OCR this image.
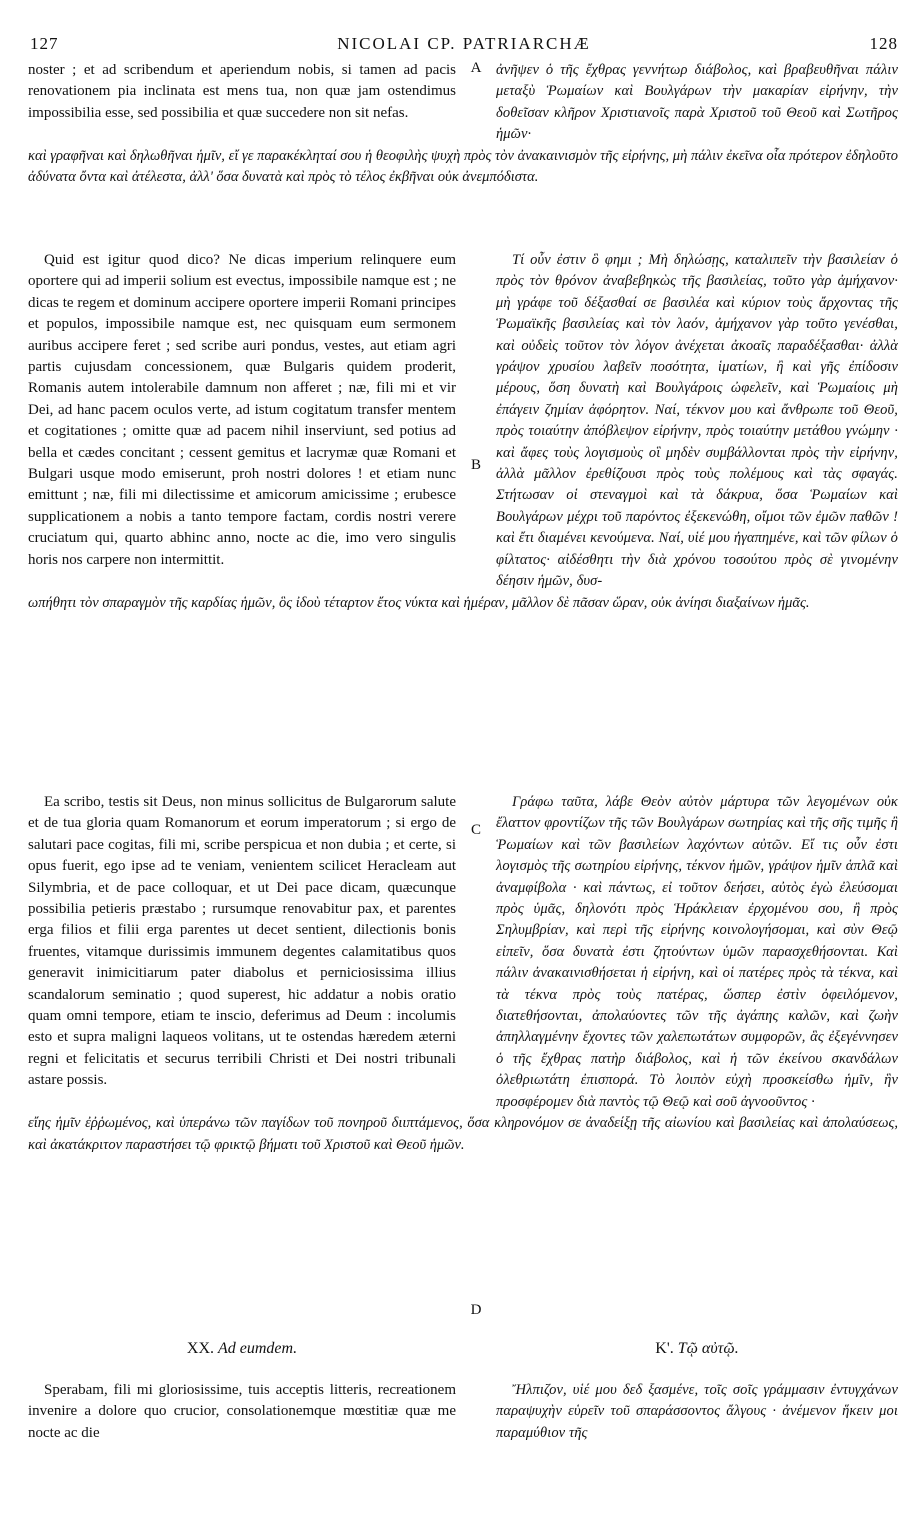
127	NICOLAI CP. PATRIARCHÆ	128

noster ; et ad scribendum et aperiendum nobis, si tamen ad pacis renovationem pia inclinata est mens tua, non quæ jam ostendimus impossibilia esse, sed possibilia et quæ succedere non sit nefas.

A	ἀνῆψεν ὁ τῆς ἔχθρας γεννήτωρ διάβολος, καὶ βραβευθῆναι πάλιν μεταξὺ Ῥωμαίων καὶ Βουλγάρων τὴν μακαρίαν εἰρήνην, τὴν δοθεῖσαν κλῆρον Χριστιανοῖς παρὰ Χριστοῦ τοῦ Θεοῦ καὶ Σωτῆρος ἡμῶν·

καὶ γραφῆναι καὶ δηλωθῆναι ἡμῖν, εἴ γε παρακέκληταί σου ἡ θεοφιλὴς ψυχὴ πρὸς τὸν ἀνακαινισμὸν τῆς εἰρήνης, μὴ πάλιν ἐκεῖνα οἷα πρότερον ἐδηλοῦτο ἀδύνατα ὄντα καὶ ἀτέλεστα, ἀλλ' ὅσα δυνατὰ καὶ πρὸς τὸ τέλος ἐκβῆναι οὐκ ἀνεμπόδιστα.

Quid est igitur quod dico? Ne dicas imperium relinquere eum oportere qui ad imperii solium est evectus, impossibile namque est ; ne dicas te regem et dominum accipere oportere imperii Romani principes et populos, impossibile namque est, nec quisquam eum sermonem auribus accipere feret ; sed scribe auri pondus, vestes, aut etiam agri partis cujusdam concessionem, quæ Bulgaris quidem proderit, Romanis autem intolerabile damnum non afferet ; næ, fili mi et vir Dei, ad hanc pacem oculos verte, ad istum cogitatum transfer mentem et cogitationes ; omitte quæ ad pacem nihil inserviunt, sed potius ad bella et cædes concitant ; cessent gemitus et lacrymæ quæ Romani et Bulgari usque modo emiserunt, proh nostri dolores ! et etiam nunc emittunt ; næ, fili mi dilectissime et amicorum amicissime ; erubesce supplicationem a nobis a tanto tempore factam, cordis nostri verere cruciatum qui, quarto abhinc anno, nocte ac die, imo vero singulis horis nos carpere non intermittit.

B

Τί οὖν ἐστιν ὃ φημι ; Μὴ δηλώσῃς, καταλιπεῖν τὴν βασιλείαν ὁ πρὸς τὸν θρόνον ἀναβεβηκὼς τῆς βασιλείας, τοῦτο γὰρ ἀμήχανον· μὴ γράφε τοῦ δέξασθαί σε βασιλέα καὶ κύριον τοὺς ἄρχοντας τῆς Ῥωμαϊκῆς βασιλείας καὶ τὸν λαόν, ἀμήχανον γὰρ τοῦτο γενέσθαι, καὶ οὐδεὶς τοῦτον τὸν λόγον ἀνέχεται ἀκοαῖς παραδέξασθαι· ἀλλὰ γράψον χρυσίου λαβεῖν ποσότητα, ἱματίων, ἢ καὶ γῆς ἐπίδοσιν μέρους, ὅση δυνατὴ καὶ Βουλγάροις ὠφελεῖν, καὶ Ῥωμαίοις μὴ ἐπάγειν ζημίαν ἀφόρητον. Ναί, τέκνον μου καὶ ἄνθρωπε τοῦ Θεοῦ, πρὸς τοιαύτην ἀπόβλεψον εἰρήνην, πρὸς τοιαύτην μετάθου γνώμην · καὶ ἄφες τοὺς λογισμοὺς οἳ μηδὲν συμβάλλονται πρὸς τὴν εἰρήνην, ἀλλὰ μᾶλλον ἐρεθίζουσι πρὸς τοὺς πολέμους καὶ τὰς σφαγάς. Στήτωσαν οἱ στεναγμοὶ καὶ τὰ δάκρυα, ὅσα Ῥωμαίων καὶ Βουλγάρων μέχρι τοῦ παρόντος ἐξεκενώθη, οἴμοι τῶν ἐμῶν παθῶν ! καὶ ἔτι διαμένει κενούμενα. Ναί, υἱέ μου ἠγαπημένε, καὶ τῶν φίλων ὁ φίλτατος· αἰδέσθητι τὴν διὰ χρόνου τοσούτου πρὸς σὲ γινομένην δέησιν ἡμῶν, δυσ-

ωπήθητι τὸν σπαραγμὸν τῆς καρδίας ἡμῶν, ὃς ἰδοὺ τέταρτον ἔτος νύκτα καὶ ἡμέραν, μᾶλλον δὲ πᾶσαν ὥραν, οὐκ ἀνίησι διαξαίνων ἡμᾶς.

Ea scribo, testis sit Deus, non minus sollicitus de Bulgarorum salute et de tua gloria quam Romanorum et eorum imperatorum ; si ergo de salutari pace cogitas, fili mi, scribe perspicua et non dubia ; et certe, si opus fuerit, ego ipse ad te veniam, venientem scilicet Heracleam aut Silymbria, et de pace colloquar, et ut Dei pace dicam, quæcunque possibilia petieris præstabo ; rursumque renovabitur pax, et parentes erga filios et filii erga parentes ut decet sentient, dilectionis bonis fruentes, vitamque durissimis immunem degentes calamitatibus quos generavit inimicitiarum pater diabolus et perniciosissima illius scandalorum seminatio ; quod superest, hic addatur a nobis oratio quam omni tempore, etiam te inscio, deferimus ad Deum : incolumis esto et supra maligni laqueos volitans, ut te ostendas hæredem æterni regni et felicitatis et securus terribili Christi et Dei nostri tribunali astare possis.

C
D

Γράφω ταῦτα, λάβε Θεὸν αὐτὸν μάρτυρα τῶν λεγομένων οὐκ ἔλαττον φροντίζων τῆς τῶν Βουλγάρων σωτηρίας καὶ τῆς σῆς τιμῆς ἢ Ῥωμαίων καὶ τῶν βασιλείων λαχόντων αὐτῶν. Εἴ τις οὖν ἐστι λογισμὸς τῆς σωτηρίου εἰρήνης, τέκνον ἡμῶν, γράψον ἡμῖν ἁπλᾶ καὶ ἀναμφίβολα · καὶ πάντως, εἰ τοῦτον δεήσει, αὐτὸς ἐγὼ ἐλεύσομαι πρὸς ὑμᾶς, δηλονότι πρὸς Ἡράκλειαν ἐρχομένου σου, ἢ πρὸς Σηλυμβρίαν, καὶ περὶ τῆς εἰρήνης κοινολογήσομαι, καὶ σὺν Θεῷ εἰπεῖν, ὅσα δυνατὰ ἐστι ζητούντων ὑμῶν παρασχεθήσονται. Καὶ πάλιν ἀνακαινισθήσεται ἡ εἰρήνη, καὶ οἱ πατέρες πρὸς τὰ τέκνα, καὶ τὰ τέκνα πρὸς τοὺς πατέρας, ὥσπερ ἐστὶν ὀφειλόμενον, διατεθήσονται, ἀπολαύοντες τῶν τῆς ἀγάπης καλῶν, καὶ ζωὴν ἀπηλλαγμένην ἔχοντες τῶν χαλεπωτάτων συμφορῶν, ἃς ἐξεγέννησεν ὁ τῆς ἔχθρας πατὴρ διάβολος, καὶ ἡ τῶν ἐκείνου σκανδάλων ὀλεθριωτάτη ἐπισπορά. Τὸ λοιπὸν εὐχὴ προσκείσθω ἡμῖν, ἣν προσφέρομεν διὰ παντὸς τῷ Θεῷ καὶ σοῦ ἀγνοοῦντος ·

εἴης ἡμῖν ἐῤῥωμένος, καὶ ὑπεράνω τῶν παγίδων τοῦ πονηροῦ διιπτάμενος, ὅσα κληρονόμον σε ἀναδείξῃ τῆς αἰωνίου καὶ βασιλείας καὶ ἀπολαύσεως, καὶ ἀκατάκριτον παραστήσει τῷ φρικτῷ βήματι τοῦ Χριστοῦ καὶ Θεοῦ ἡμῶν.

XX. Ad eumdem.	Κ'. Τῷ αὐτῷ.

Sperabam, fili mi gloriosissime, tuis acceptis litteris, recreationem invenire a dolore quo crucior, consolationemque mœstitiæ quæ me nocte ac die

Ἤλπιζον, υἱέ μου δεδ ξασμένε, τοῖς σοῖς γράμμασιν ἐντυγχάνων παραψυχὴν εὑρεῖν τοῦ σπαράσσοντος ἄλγους · ἀνέμενον ἥκειν μοι παραμύθιον τῆς
